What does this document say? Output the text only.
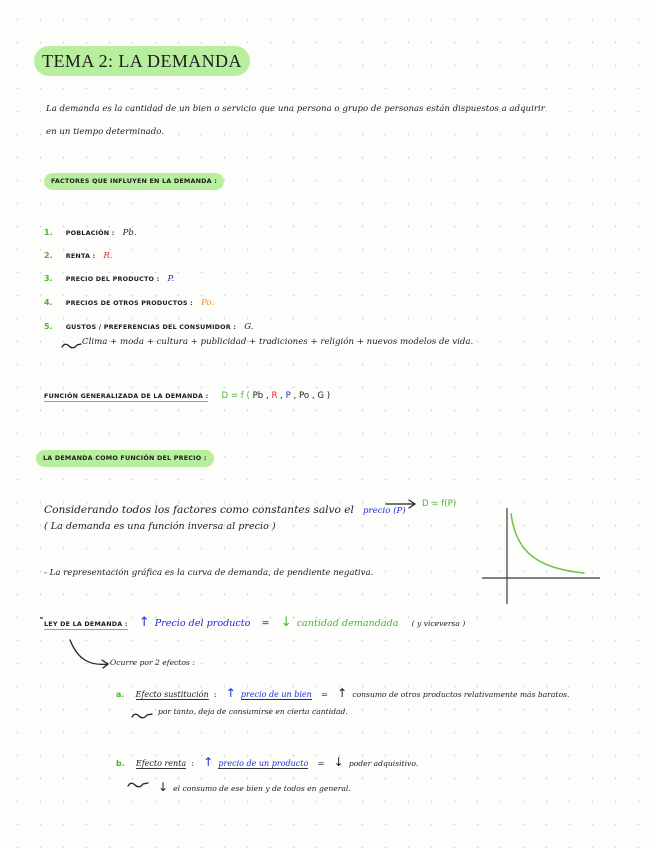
TEMA 2: LA DEMANDA
La demanda es la cantidad de un bien o servicio que una persona o grupo de personas están dispuestos a adquirir
en un tiempo determinado.
FACTORES QUE INFLUYEN EN LA DEMANDA :
1. POBLACIÓN : Pb.
2. RENTA : R.
3. PRECIO DEL PRODUCTO : P.
4. PRECIOS DE OTROS PRODUCTOS : Po.
5. GUSTOS / PREFERENCIAS DEL CONSUMIDOR : G.
Clima + moda + cultura + publicidad + tradiciones + religión + nuevos modelos de vida.
FUNCIÓN GENERALIZADA DE LA DEMANDA : D = f ( Pb , R , P , Po , G )
LA DEMANDA COMO FUNCIÓN DEL PRECIO :
Considerando todos los factores como constantes salvo el precio (P)
D = f(P)
( La demanda es una función inversa al precio )
- La representación gráfica es la curva de demanda, de pendiente negativa.
LEY DE LA DEMANDA : ↑ Precio del producto = ↓ cantidad demandada ( y viceversa )
Ocurre por 2 efectos :
a. Efecto sustitución : ↑ precio de un bien = ↑ consumo de otros productos relativamente más baratos.
por tanto, deja de consumirse en cierta cantidad.
b. Efecto renta : ↑ precio de un producto = ↓ poder adquisitivo.
↓ el consumo de ese bien y de todos en general.
